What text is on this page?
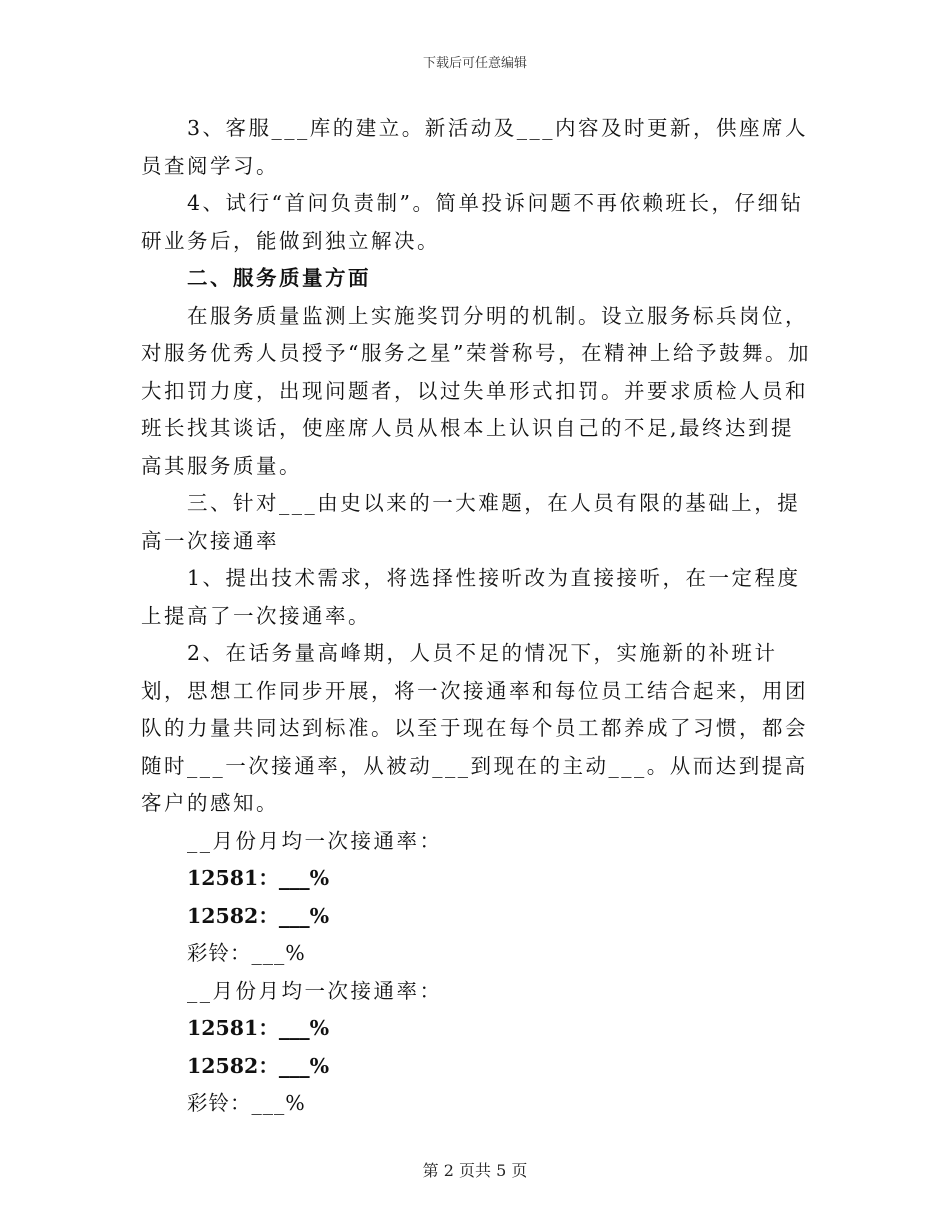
下载后可任意编辑

3、客服___库的建立。新活动及___内容及时更新，供座席人员查阅学习。

4、试行“首问负责制”。简单投诉问题不再依赖班长，仔细钻研业务后，能做到独立解决。

二、服务质量方面

在服务质量监测上实施奖罚分明的机制。设立服务标兵岗位，对服务优秀人员授予“服务之星”荣誉称号，在精神上给予鼓舞。加大扣罚力度，出现问题者，以过失单形式扣罚。并要求质检人员和班长找其谈话，使座席人员从根本上认识自己的不足,最终达到提高其服务质量。

三、针对___由史以来的一大难题，在人员有限的基础上，提高一次接通率

1、提出技术需求，将选择性接听改为直接接听，在一定程度上提高了一次接通率。

2、在话务量高峰期，人员不足的情况下，实施新的补班计划，思想工作同步开展，将一次接通率和每位员工结合起来，用团队的力量共同达到标准。以至于现在每个员工都养成了习惯，都会随时___一次接通率，从被动___到现在的主动___。从而达到提高客户的感知。

__月份月均一次接通率：

12581：___%

12582：___%

彩铃：___%

__月份月均一次接通率：

12581：___%

12582：___%

彩铃：___%

第 2 页共 5 页
